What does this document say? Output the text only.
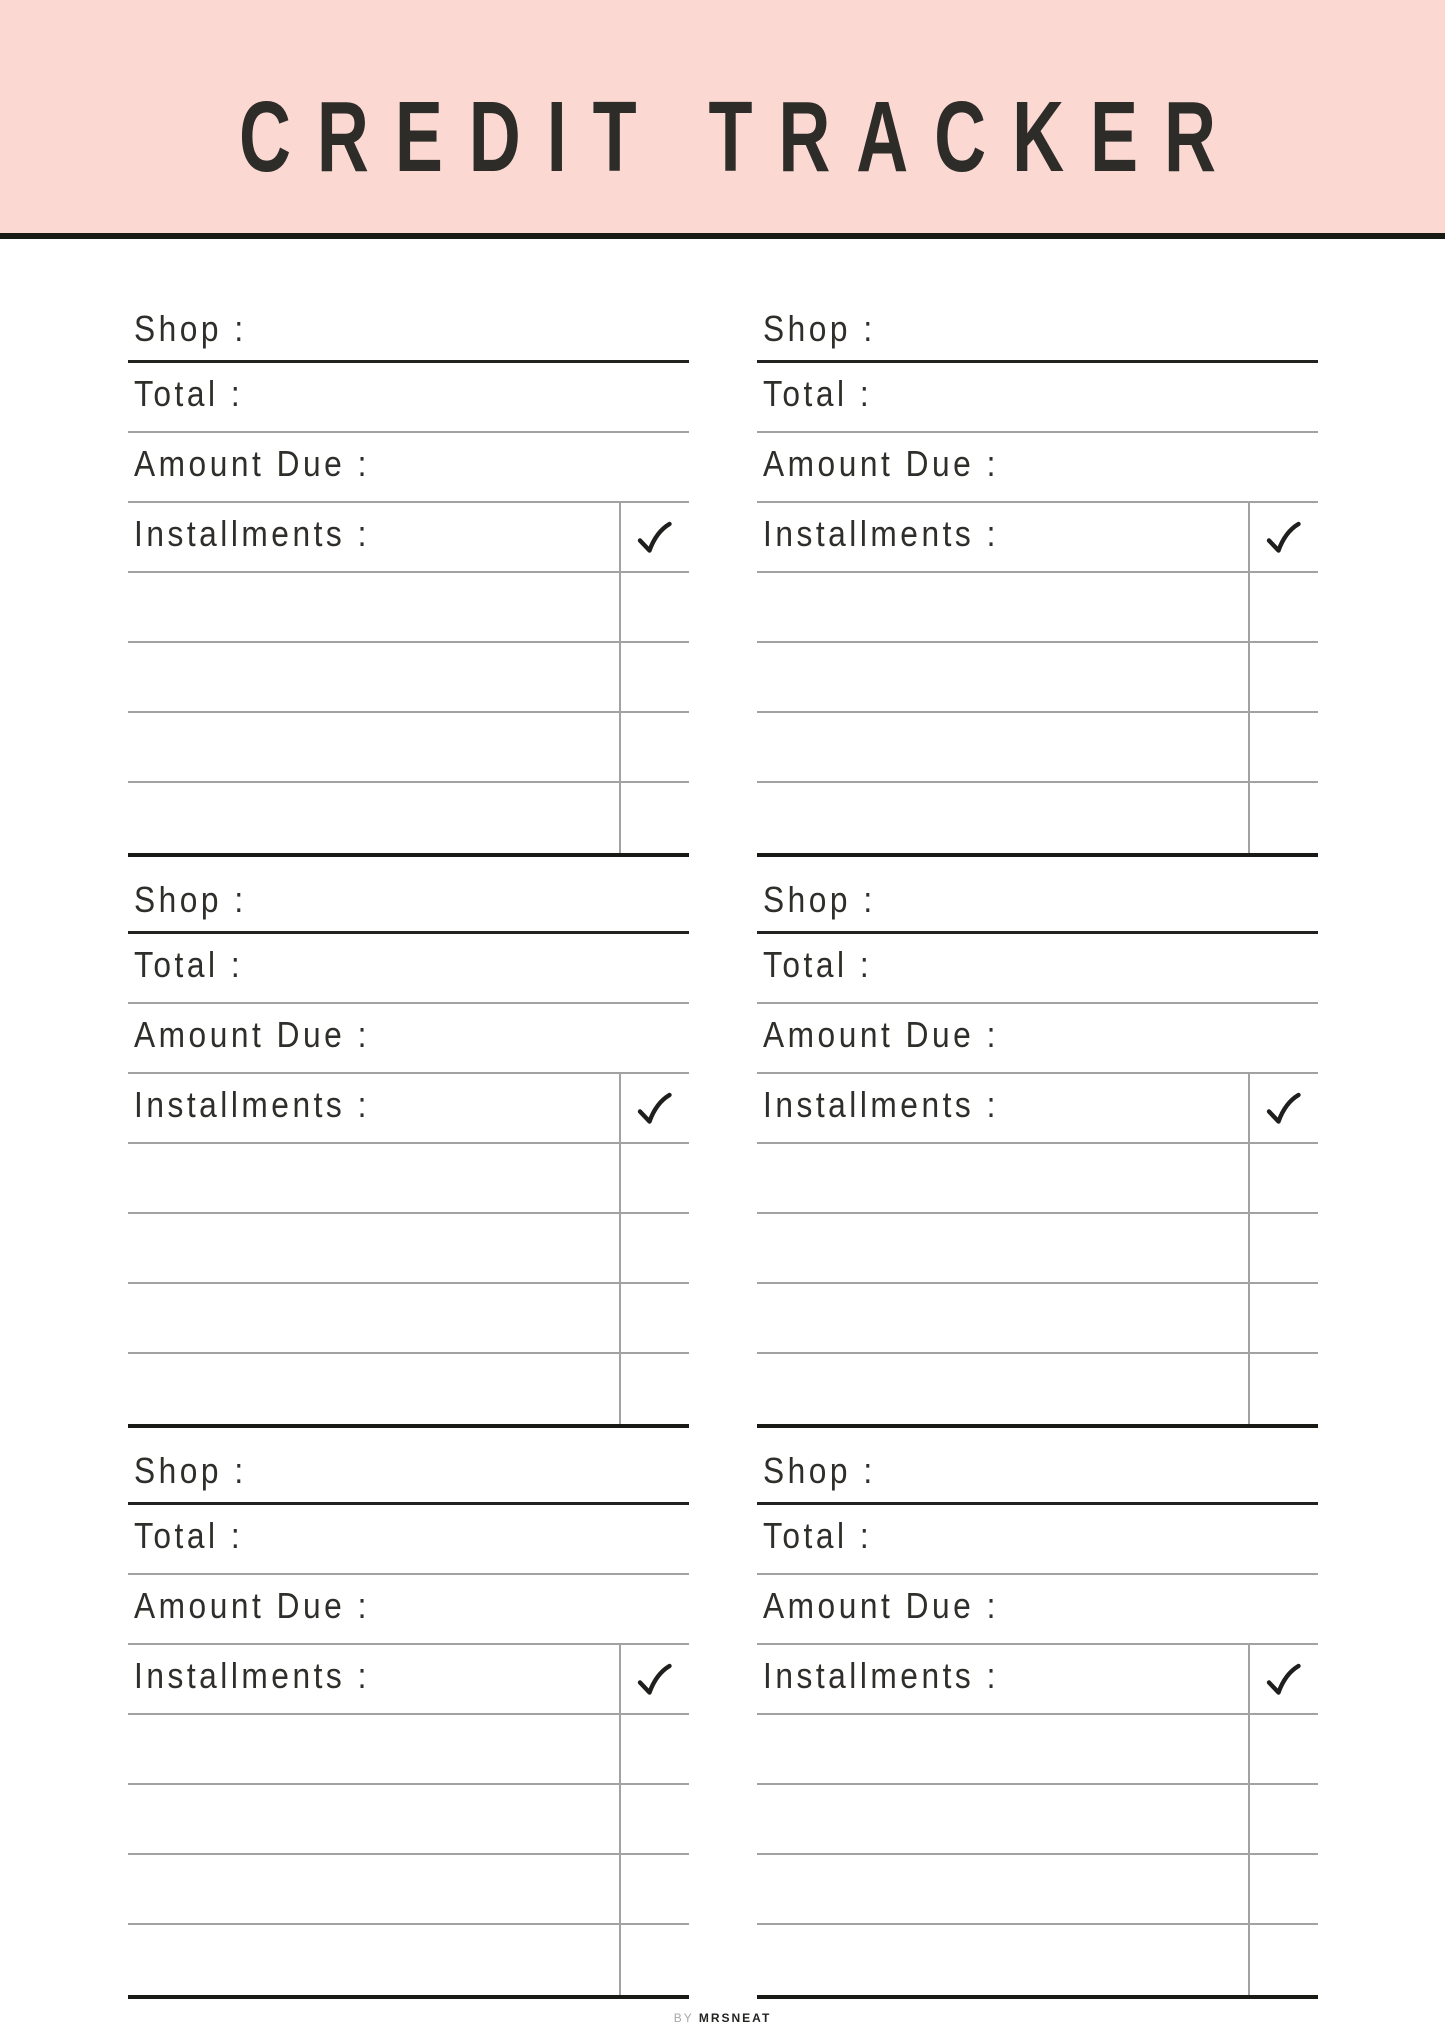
CREDIT TRACKER
Shop :
Total :
Amount Due :
Installments :
Shop :
Total :
Amount Due :
Installments :
Shop :
Total :
Amount Due :
Installments :
Shop :
Total :
Amount Due :
Installments :
Shop :
Total :
Amount Due :
Installments :
Shop :
Total :
Amount Due :
Installments :
BY MRSNEAT
